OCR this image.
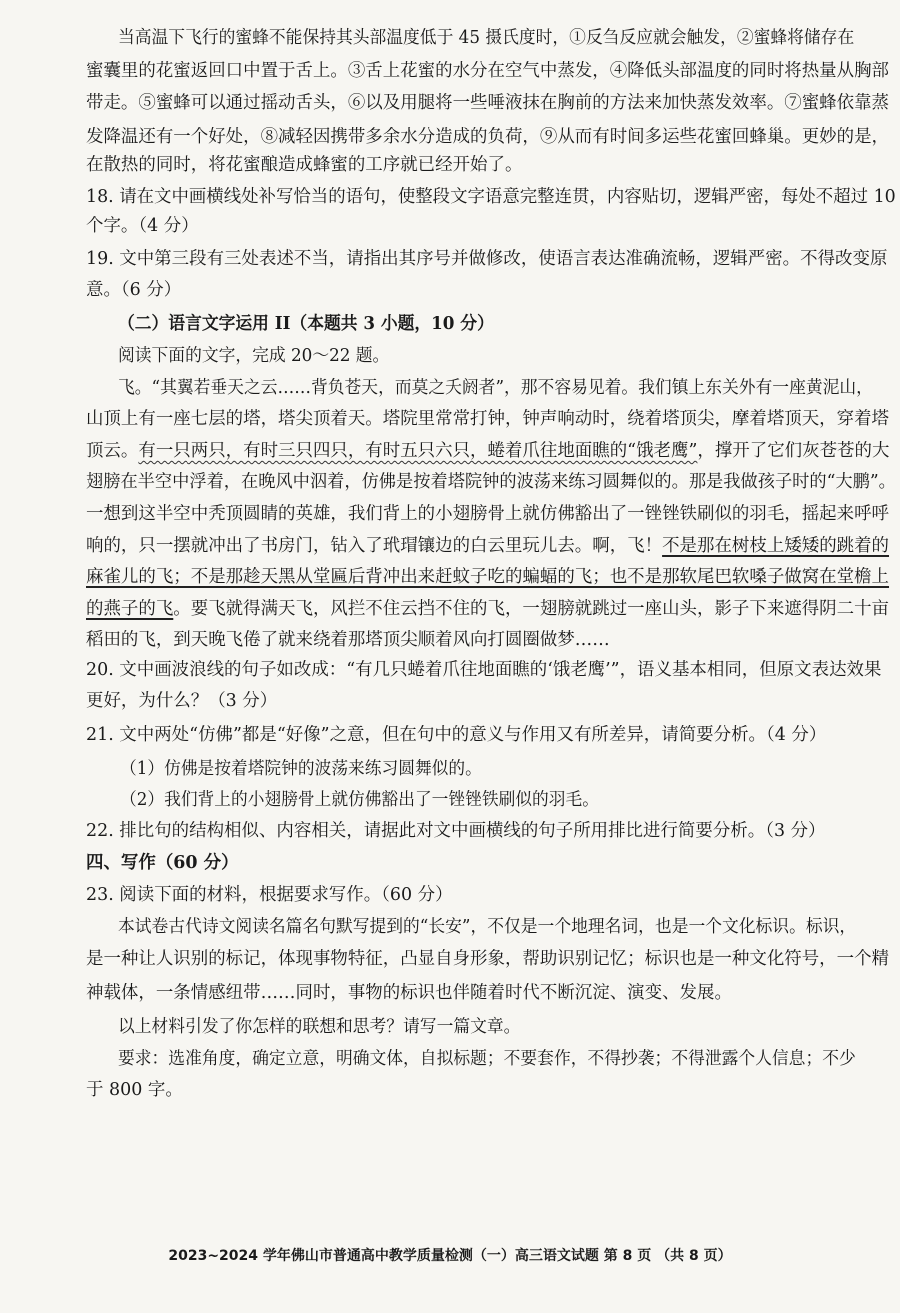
当高温下飞行的蜜蜂不能保持其头部温度低于 45 摄氏度时，①反刍反应就会触发，②蜜蜂将储存在
蜜囊里的花蜜返回口中置于舌上。③舌上花蜜的水分在空气中蒸发，④降低头部温度的同时将热量从胸部
带走。⑤蜜蜂可以通过摇动舌头，⑥以及用腿将一些唾液抹在胸前的方法来加快蒸发效率。⑦蜜蜂依靠蒸
发降温还有一个好处，⑧减轻因携带多余水分造成的负荷，⑨从而有时间多运些花蜜回蜂巢。更妙的是，
在散热的同时，将花蜜酿造成蜂蜜的工序就已经开始了。
18. 请在文中画横线处补写恰当的语句，使整段文字语意完整连贯，内容贴切，逻辑严密，每处不超过 10
个字。（4 分）
19. 文中第三段有三处表述不当，请指出其序号并做修改，使语言表达准确流畅，逻辑严密。不得改变原
意。（6 分）
（二）语言文字运用 II（本题共 3 小题，10 分）
阅读下面的文字，完成 20～22 题。
飞。“其翼若垂天之云……背负苍天，而莫之夭阏者”，那不容易见着。我们镇上东关外有一座黄泥山，
山顶上有一座七层的塔，塔尖顶着天。塔院里常常打钟，钟声响动时，绕着塔顶尖，摩着塔顶天，穿着塔
顶云。有一只两只，有时三只四只，有时五只六只，蜷着爪往地面瞧的“饿老鹰”，撑开了它们灰苍苍的大
翅膀在半空中浮着，在晚风中泅着，仿佛是按着塔院钟的波荡来练习圆舞似的。那是我做孩子时的“大鹏”。
一想到这半空中秃顶圆睛的英雄，我们背上的小翅膀骨上就仿佛豁出了一锉锉铁刷似的羽毛，摇起来呼呼
响的，只一摆就冲出了书房门，钻入了玳瑁镶边的白云里玩儿去。啊，飞！不是那在树枝上矮矮的跳着的
麻雀儿的飞；不是那趁天黑从堂匾后背冲出来赶蚊子吃的蝙蝠的飞；也不是那软尾巴软嗓子做窝在堂檐上
的燕子的飞。要飞就得满天飞，风拦不住云挡不住的飞，一翅膀就跳过一座山头，影子下来遮得阴二十亩
稻田的飞，到天晚飞倦了就来绕着那塔顶尖顺着风向打圆圈做梦……
20. 文中画波浪线的句子如改成：“有几只蜷着爪往地面瞧的‘饿老鹰’”，语义基本相同，但原文表达效果
更好，为什么？（3 分）
21. 文中两处“仿佛”都是“好像”之意，但在句中的意义与作用又有所差异，请简要分析。（4 分）
（1）仿佛是按着塔院钟的波荡来练习圆舞似的。
（2）我们背上的小翅膀骨上就仿佛豁出了一锉锉铁刷似的羽毛。
22. 排比句的结构相似、内容相关，请据此对文中画横线的句子所用排比进行简要分析。（3 分）
四、写作（60 分）
23. 阅读下面的材料，根据要求写作。（60 分）
本试卷古代诗文阅读名篇名句默写提到的“长安”，不仅是一个地理名词，也是一个文化标识。标识，
是一种让人识别的标记，体现事物特征，凸显自身形象，帮助识别记忆；标识也是一种文化符号，一个精
神载体，一条情感纽带……同时，事物的标识也伴随着时代不断沉淀、演变、发展。
以上材料引发了你怎样的联想和思考？请写一篇文章。
要求：选准角度，确定立意，明确文体，自拟标题；不要套作，不得抄袭；不得泄露个人信息；不少
于 800 字。
2023~2024 学年佛山市普通高中教学质量检测（一）高三语文试题 第 8 页 （共 8 页）
